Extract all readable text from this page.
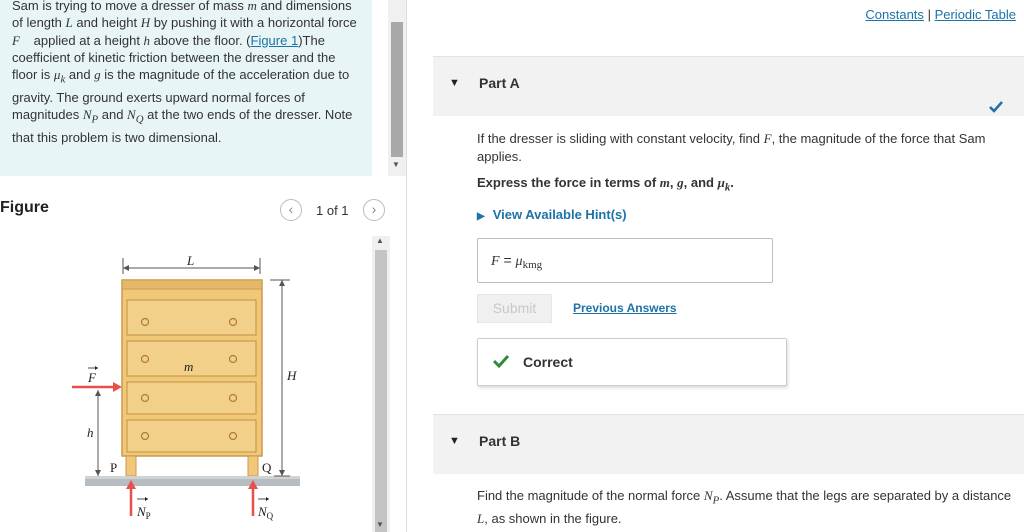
Sam is trying to move a dresser of mass m and dimensions of length L and height H by pushing it with a horizontal force F⃗ applied at a height h above the floor. (Figure 1)The coefficient of kinetic friction between the dresser and the floor is $\mu_k$ and g is the magnitude of the acceleration due to gravity. The ground exerts upward normal forces of magnitudes $N_P$ and $N_Q$ at the two ends of the dresser. Note that this problem is two dimensional.

▼
Figure	‹	1 of 1	›
▲
▼
L
m
H
h
F
P	Q
$N_P$	$N_Q$
Constants | Periodic Table
▼ Part A
If the dresser is sliding with constant velocity, find F, the magnitude of the force that Sam applies.
Express the force in terms of m, g, and $\mu_k$.
▶ View Available Hint(s)
$F = \mu_{kmg}$
Submit	Previous Answers
Correct
▼ Part B
Find the magnitude of the normal force $N_P$. Assume that the legs are separated by a distance L, as shown in the figure.
